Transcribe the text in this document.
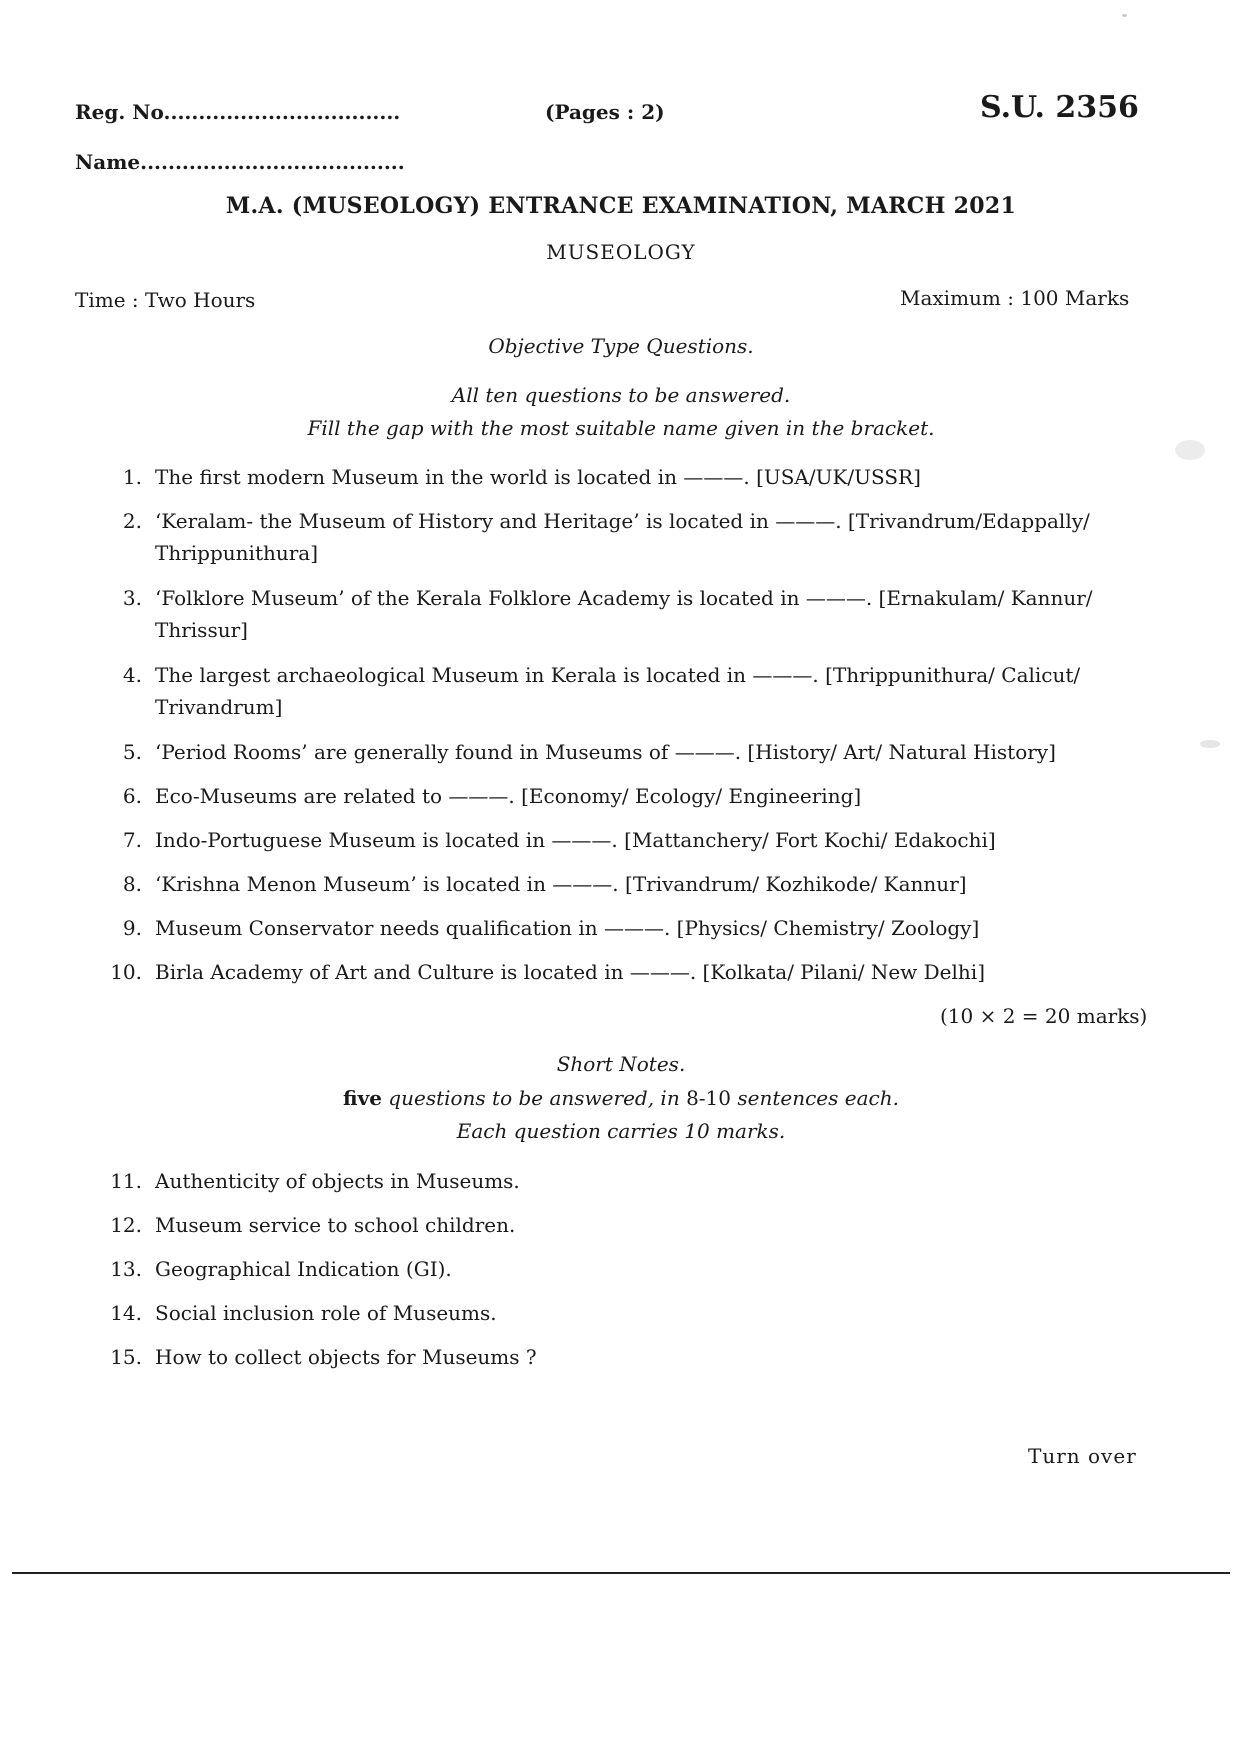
Reg. No..................................	(Pages : 2)	S.U. 2356
Name......................................
M.A. (MUSEOLOGY) ENTRANCE EXAMINATION, MARCH 2021
MUSEOLOGY
Time : Two Hours	Maximum : 100 Marks
Objective Type Questions.
All ten questions to be answered.
Fill the gap with the most suitable name given in the bracket.
1. The first modern Museum in the world is located in ———. [USA/UK/USSR]
2. ‘Keralam- the Museum of History and Heritage’ is located in ———. [Trivandrum/Edappally/ Thrippunithura]
3. ‘Folklore Museum’ of the Kerala Folklore Academy is located in ———. [Ernakulam/ Kannur/ Thrissur]
4. The largest archaeological Museum in Kerala is located in ———. [Thrippunithura/ Calicut/ Trivandrum]
5. ‘Period Rooms’ are generally found in Museums of ———. [History/ Art/ Natural History]
6. Eco-Museums are related to ———. [Economy/ Ecology/ Engineering]
7. Indo-Portuguese Museum is located in ———. [Mattanchery/ Fort Kochi/ Edakochi]
8. ‘Krishna Menon Museum’ is located in ———. [Trivandrum/ Kozhikode/ Kannur]
9. Museum Conservator needs qualification in ———. [Physics/ Chemistry/ Zoology]
10. Birla Academy of Art and Culture is located in ———. [Kolkata/ Pilani/ New Delhi]
(10 × 2 = 20 marks)
Short Notes.
five questions to be answered, in 8-10 sentences each.
Each question carries 10 marks.
11. Authenticity of objects in Museums.
12. Museum service to school children.
13. Geographical Indication (GI).
14. Social inclusion role of Museums.
15. How to collect objects for Museums ?
Turn over
